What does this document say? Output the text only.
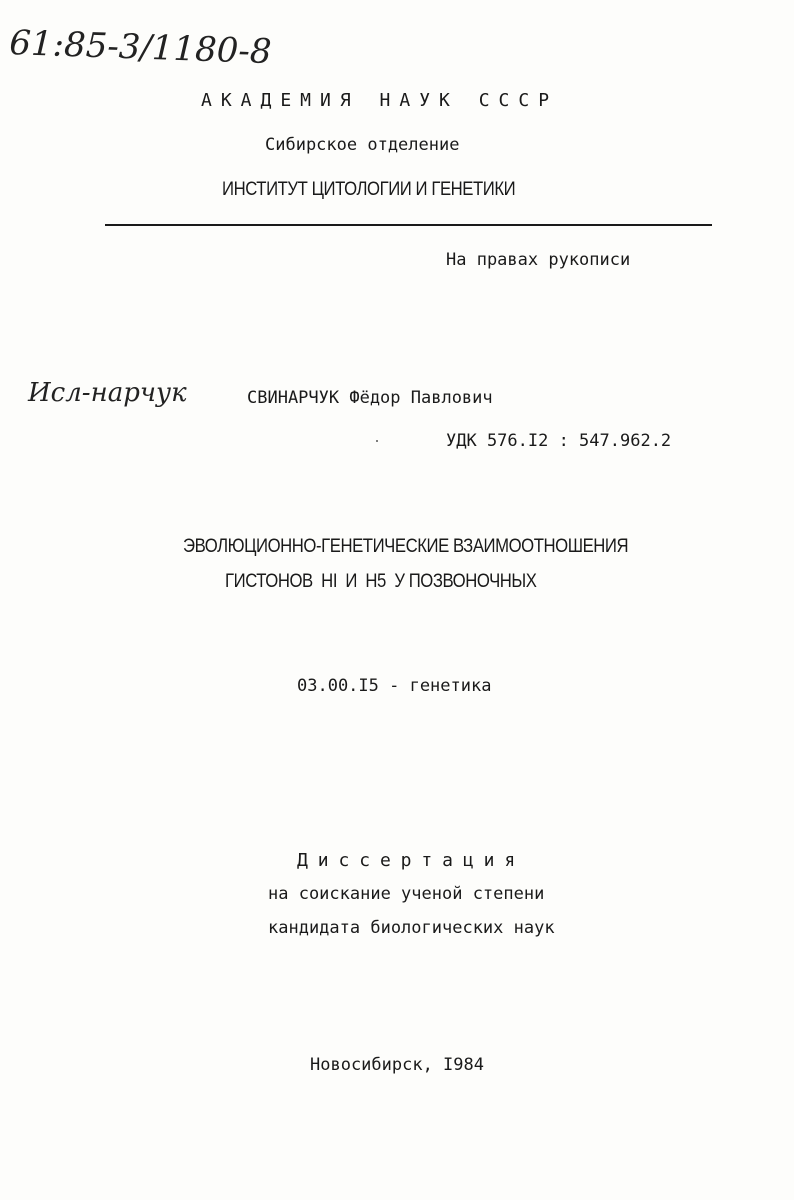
61:85-3/1180-8
АКАДЕМИЯ НАУК СССР
Сибирское отделение
ИНСТИТУТ ЦИТОЛОГИИ И ГЕНЕТИКИ
На правах рукописи
Исл-нарчук	СВИНАРЧУК Фёдор Павлович
УДК 576.I2 : 547.962.2
ЭВОЛЮЦИОННО-ГЕНЕТИЧЕСКИЕ ВЗАИМООТНОШЕНИЯ
ГИСТОНОВ  НI  И  Н5  У ПОЗВОНОЧНЫХ
03.00.I5 - генетика
Диссертация
на соискание ученой степени
кандидата биологических наук
Новосибирск, I984
